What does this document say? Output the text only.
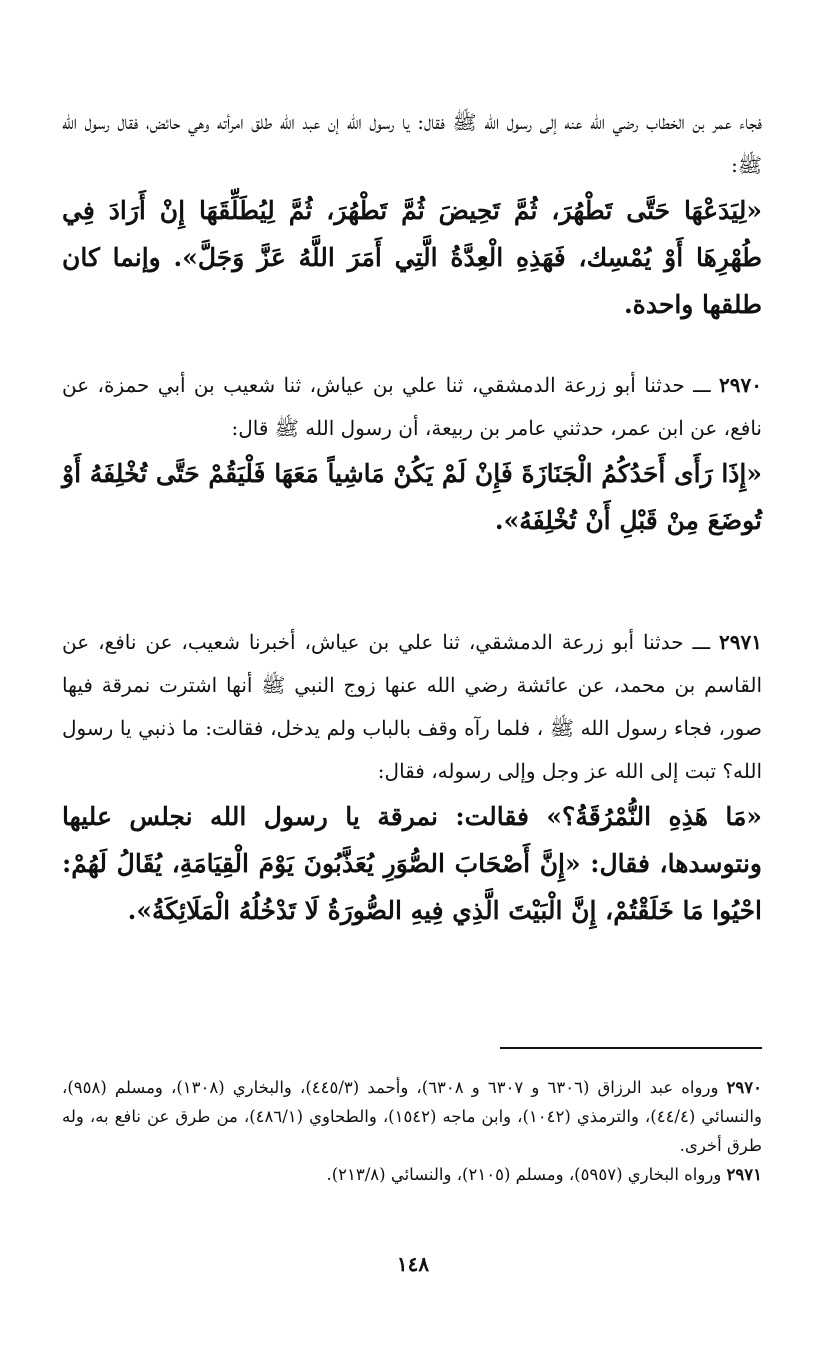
فجاء عمر بن الخطاب رضي الله عنه إلى رسول الله ﷺ فقال: يا رسول الله إن عبد الله طلق امرأته وهي حائض، فقال رسول الله ﷺ:

«لِيَدَعْهَا حَتَّى تَطْهُرَ، ثُمَّ تَحِيضَ ثُمَّ تَطْهُرَ، ثُمَّ لِيُطَلِّقَهَا إِنْ أَرَادَ فِي طُهْرِهَا أَوْ يُمْسِك، فَهَذِهِ الْعِدَّةُ الَّتِي أَمَرَ اللَّهُ عَزَّ وَجَلَّ». وإنما كان طلقها واحدة.

٢٩٧٠ ـــ حدثنا أبو زرعة الدمشقي، ثنا علي بن عياش، ثنا شعيب بن أبي حمزة، عن نافع، عن ابن عمر، حدثني عامر بن ربيعة، أن رسول الله ﷺ قال:

«إِذَا رَأَى أَحَدُكُمُ الْجَنَازَةَ فَإِنْ لَمْ يَكُنْ مَاشِياً مَعَهَا فَلْيَقُمْ حَتَّى تُخْلِفَهُ أَوْ تُوضَعَ مِنْ قَبْلِ أَنْ تُخْلِفَهُ».

٢٩٧١ ـــ حدثنا أبو زرعة الدمشقي، ثنا علي بن عياش، أخبرنا شعيب، عن نافع، عن القاسم بن محمد، عن عائشة رضي الله عنها زوج النبي ﷺ أنها اشترت نمرقة فيها صور، فجاء رسول الله ﷺ ، فلما رآه وقف بالباب ولم يدخل، فقالت: ما ذنبي يا رسول الله؟ تبت إلى الله عز وجل وإلى رسوله، فقال:

«مَا هَذِهِ النُّمْرُقَةُ؟» فقالت: نمرقة يا رسول الله نجلس عليها ونتوسدها، فقال: «إِنَّ أَصْحَابَ الصُّوَرِ يُعَذَّبُونَ يَوْمَ الْقِيَامَةِ، يُقَالُ لَهُمْ: احْيُوا مَا خَلَقْتُمْ، إِنَّ الْبَيْتَ الَّذِي فِيهِ الصُّورَةُ لَا تَدْخُلُهُ الْمَلَائِكَةُ».

٢٩٧٠ ورواه عبد الرزاق (٦٣٠٦ و ٦٣٠٧ و ٦٣٠٨)، وأحمد (٤٤٥/٣)، والبخاري (١٣٠٨)، ومسلم (٩٥٨)، والنسائي (٤٤/٤)، والترمذي (١٠٤٢)، وابن ماجه (١٥٤٢)، والطحاوي (٤٨٦/١)، من طرق عن نافع به، وله طرق أخرى.

٢٩٧١ ورواه البخاري (٥٩٥٧)، ومسلم (٢١٠٥)، والنسائي (٢١٣/٨).

١٤٨
